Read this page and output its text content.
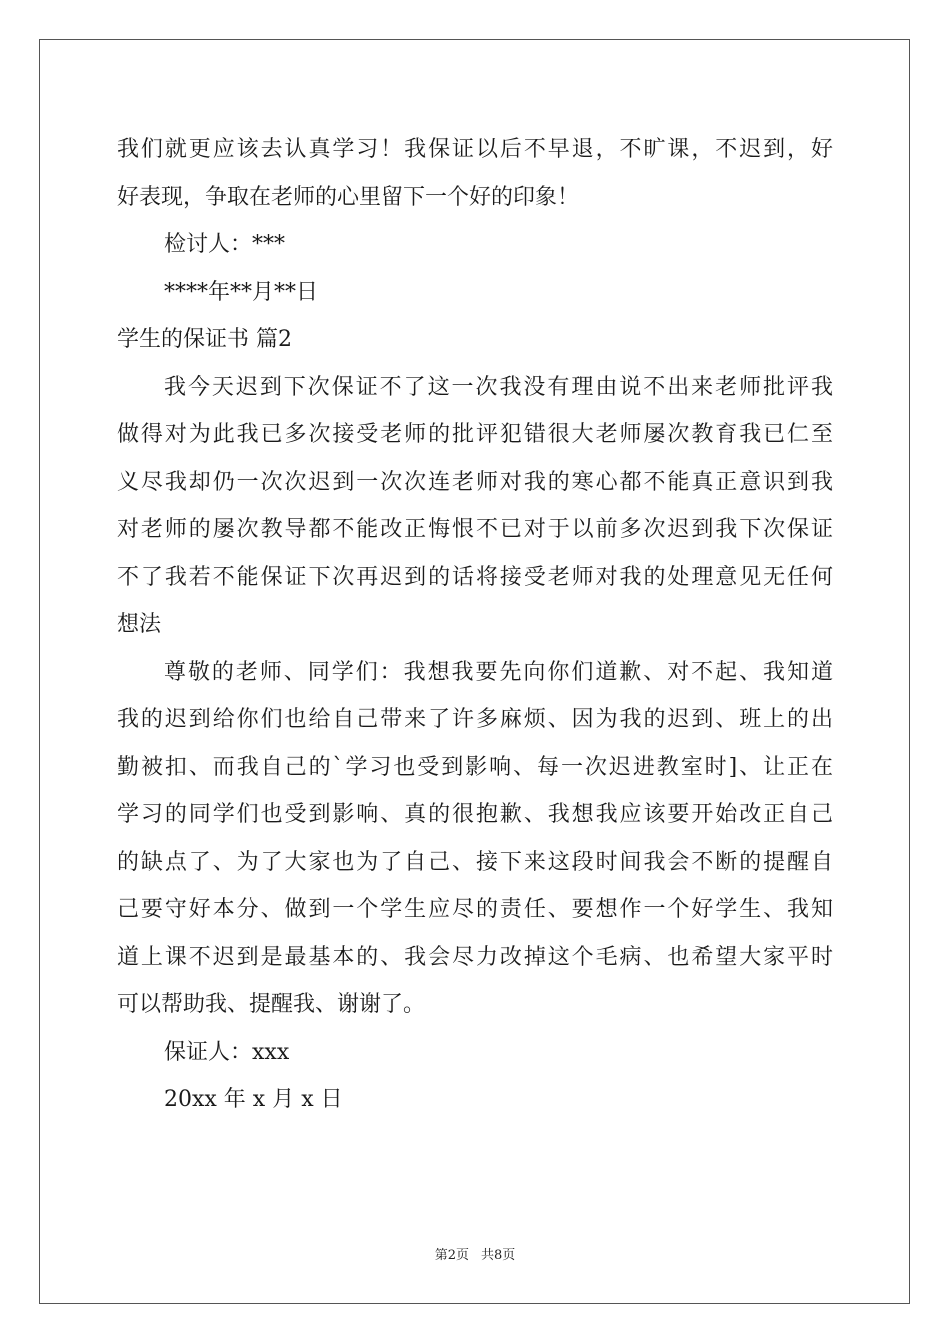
我们就更应该去认真学习！我保证以后不早退，不旷课，不迟到，好
好表现，争取在老师的心里留下一个好的印象！
检讨人：***
****年**月**日
学生的保证书 篇2
我今天迟到下次保证不了这一次我没有理由说不出来老师批评我
做得对为此我已多次接受老师的批评犯错很大老师屡次教育我已仁至
义尽我却仍一次次迟到一次次连老师对我的寒心都不能真正意识到我
对老师的屡次教导都不能改正悔恨不已对于以前多次迟到我下次保证
不了我若不能保证下次再迟到的话将接受老师对我的处理意见无任何
想法
尊敬的老师、同学们：我想我要先向你们道歉、对不起、我知道
我的迟到给你们也给自己带来了许多麻烦、因为我的迟到、班上的出
勤被扣、而我自己的`学习也受到影响、每一次迟进教室时]、让正在
学习的同学们也受到影响、真的很抱歉、我想我应该要开始改正自己
的缺点了、为了大家也为了自己、接下来这段时间我会不断的提醒自
己要守好本分、做到一个学生应尽的责任、要想作一个好学生、我知
道上课不迟到是最基本的、我会尽力改掉这个毛病、也希望大家平时
可以帮助我、提醒我、谢谢了。
保证人：xxx
20xx 年 x 月 x 日
第2页 共8页
